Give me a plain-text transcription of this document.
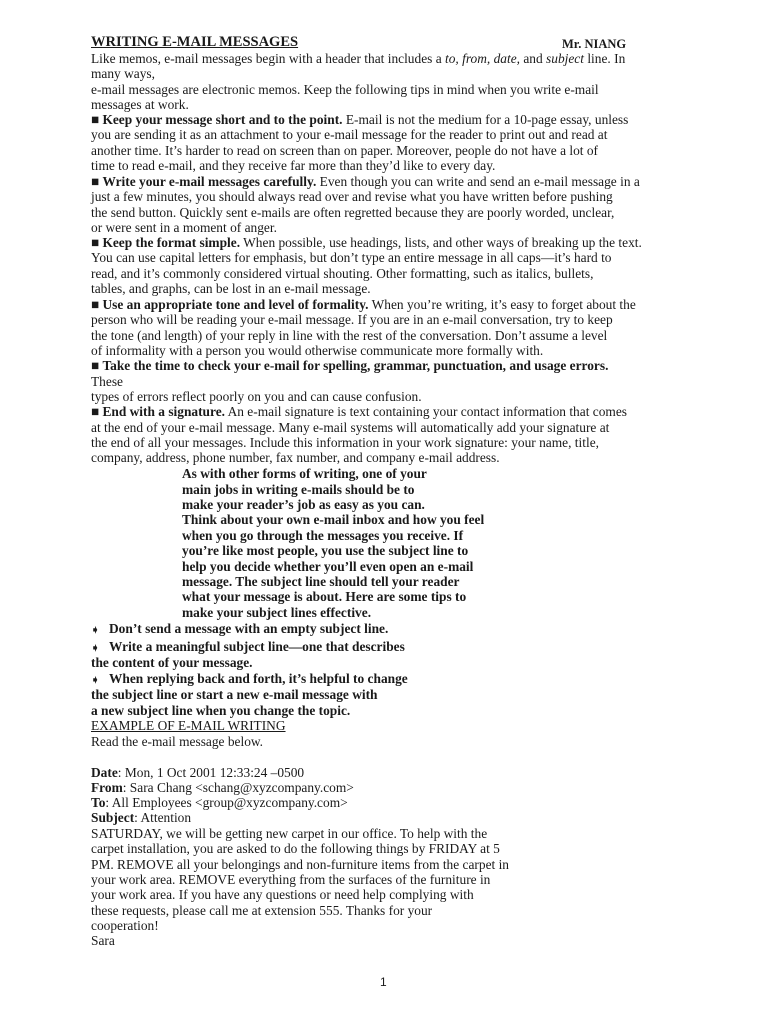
WRITING E-MAIL MESSAGES	Mr. NIANG
Like memos, e-mail messages begin with a header that includes a to, from, date, and subject line. In
many ways,
e-mail messages are electronic memos. Keep the following tips in mind when you write e-mail
messages at work.
■ Keep your message short and to the point. E-mail is not the medium for a 10-page essay, unless
you are sending it as an attachment to your e-mail message for the reader to print out and read at
another time. It’s harder to read on screen than on paper. Moreover, people do not have a lot of
time to read e-mail, and they receive far more than they’d like to every day.
■ Write your e-mail messages carefully. Even though you can write and send an e-mail message in a
just a few minutes, you should always read over and revise what you have written before pushing
the send button. Quickly sent e-mails are often regretted because they are poorly worded, unclear,
or were sent in a moment of anger.
■ Keep the format simple. When possible, use headings, lists, and other ways of breaking up the text.
You can use capital letters for emphasis, but don’t type an entire message in all caps—it’s hard to
read, and it’s commonly considered virtual shouting. Other formatting, such as italics, bullets,
tables, and graphs, can be lost in an e-mail message.
■ Use an appropriate tone and level of formality. When you’re writing, it’s easy to forget about the
person who will be reading your e-mail message. If you are in an e-mail conversation, try to keep
the tone (and length) of your reply in line with the rest of the conversation. Don’t assume a level
of informality with a person you would otherwise communicate more formally with.
■ Take the time to check your e-mail for spelling, grammar, punctuation, and usage errors.
These
types of errors reflect poorly on you and can cause confusion.
■ End with a signature. An e-mail signature is text containing your contact information that comes
at the end of your e-mail message. Many e-mail systems will automatically add your signature at
the end of all your messages. Include this information in your work signature: your name, title,
company, address, phone number, fax number, and company e-mail address.
As with other forms of writing, one of your
main jobs in writing e-mails should be to
make your reader’s job as easy as you can.
Think about your own e-mail inbox and how you feel
when you go through the messages you receive. If
you’re like most people, you use the subject line to
help you decide whether you’ll even open an e-mail
message. The subject line should tell your reader
what your message is about. Here are some tips to
make your subject lines effective.
➧ Don’t send a message with an empty subject line.
➧ Write a meaningful subject line—one that describes
the content of your message.
➧ When replying back and forth, it’s helpful to change
the subject line or start a new e-mail message with
a new subject line when you change the topic.
EXAMPLE OF E-MAIL WRITING
Read the e-mail message below.
Date: Mon, 1 Oct 2001 12:33:24 –0500
From: Sara Chang <schang@xyzcompany.com>
To: All Employees <group@xyzcompany.com>
Subject: Attention
SATURDAY, we will be getting new carpet in our office. To help with the
carpet installation, you are asked to do the following things by FRIDAY at 5
PM. REMOVE all your belongings and non-furniture items from the carpet in
your work area. REMOVE everything from the surfaces of the furniture in
your work area. If you have any questions or need help complying with
these requests, please call me at extension 555. Thanks for your
cooperation!
Sara
1
